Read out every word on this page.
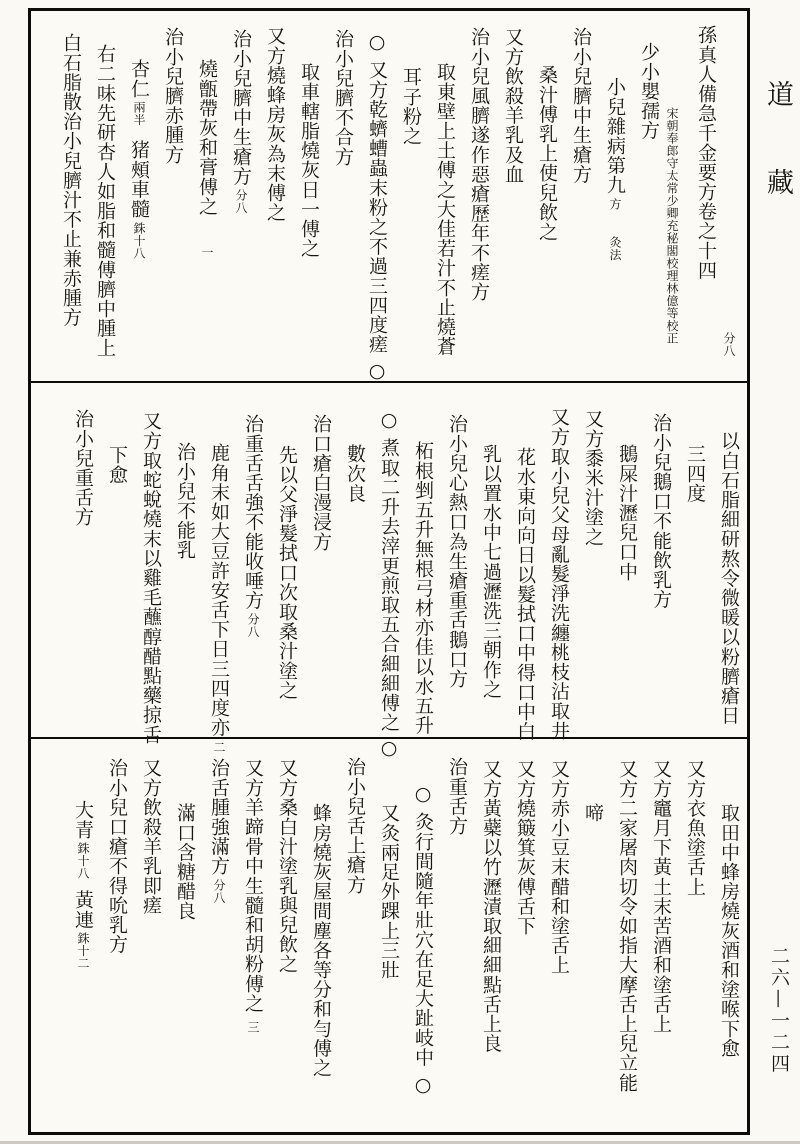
分八
孫真人備急千金要方卷之十四
宋朝奉郎守太常少卿充秘閣校理林億等校正
少小嬰孺方
小兒雜病第九方灸法
治小兒臍中生瘡方
桑汁傅乳上使兒飲之
又方飲殺羊乳及血
治小兒風臍遂作惡瘡歷年不瘥方
取東壁上土傅之大佳若汁不止燒蒼
耳子粉之
○又方乾蠐螬蟲末粉之不過三四度瘥○
治小兒臍不合方
取車轄脂燒灰日一傅之
又方燒蜂房灰為末傅之
治小兒臍中生瘡方分八
燒甑帶灰和膏傅之一
治小兒臍赤腫方
杏仁兩半猪頰車髓銖十八
右二味先研杏人如脂和髓傅臍中腫上
白石脂散治小兒臍汁不止兼赤腫方
以白石脂細研熬令微暖以粉臍瘡日
三四度
治小兒鵝口不能飲乳方
鵝屎汁瀝兒口中
又方黍米汁塗之
又方取小兒父母亂髮淨洗纏桃枝沾取井
花水東向向日以髮拭口中得口中白
乳以置水中七過瀝洗三朝作之
治小兒心熱口為生瘡重舌鵝口方
柘根剉五升無根弓材亦佳以水五升
○煮取二升去滓更煎取五合細細傅之○
數次良
治口瘡白漫浸方
先以父淨髮拭口次取桑汁塗之
治重舌舌強不能收唾方分八
鹿角末如大豆許安舌下日三四度亦二
治小兒不能乳
又方取蛇蛻燒末以雞毛蘸醇醋點藥掠舌
下愈
治小兒重舌方
取田中蜂房燒灰酒和塗喉下愈
又方衣魚塗舌上
又方竈月下黃土末苦酒和塗舌上
又方二家屠肉切令如指大摩舌上兒立能
啼
又方赤小豆末醋和塗舌上
又方燒簸箕灰傅舌下
又方黃蘗以竹瀝漬取細細點舌上良
治重舌方
○灸行間隨年壯穴在足大趾岐中○
又灸兩足外踝上三壯
治小兒舌上瘡方
蜂房燒灰屋間塵各等分和勻傅之
又方桑白汁塗乳與兒飲之
又方羊蹄骨中生髓和胡粉傅之三
治舌腫強滿方分八
滿口含糖醋良
又方飲殺羊乳即瘥
治小兒口瘡不得吮乳方
大青銖十八黃連銖十二
道 藏
二六—一二四
